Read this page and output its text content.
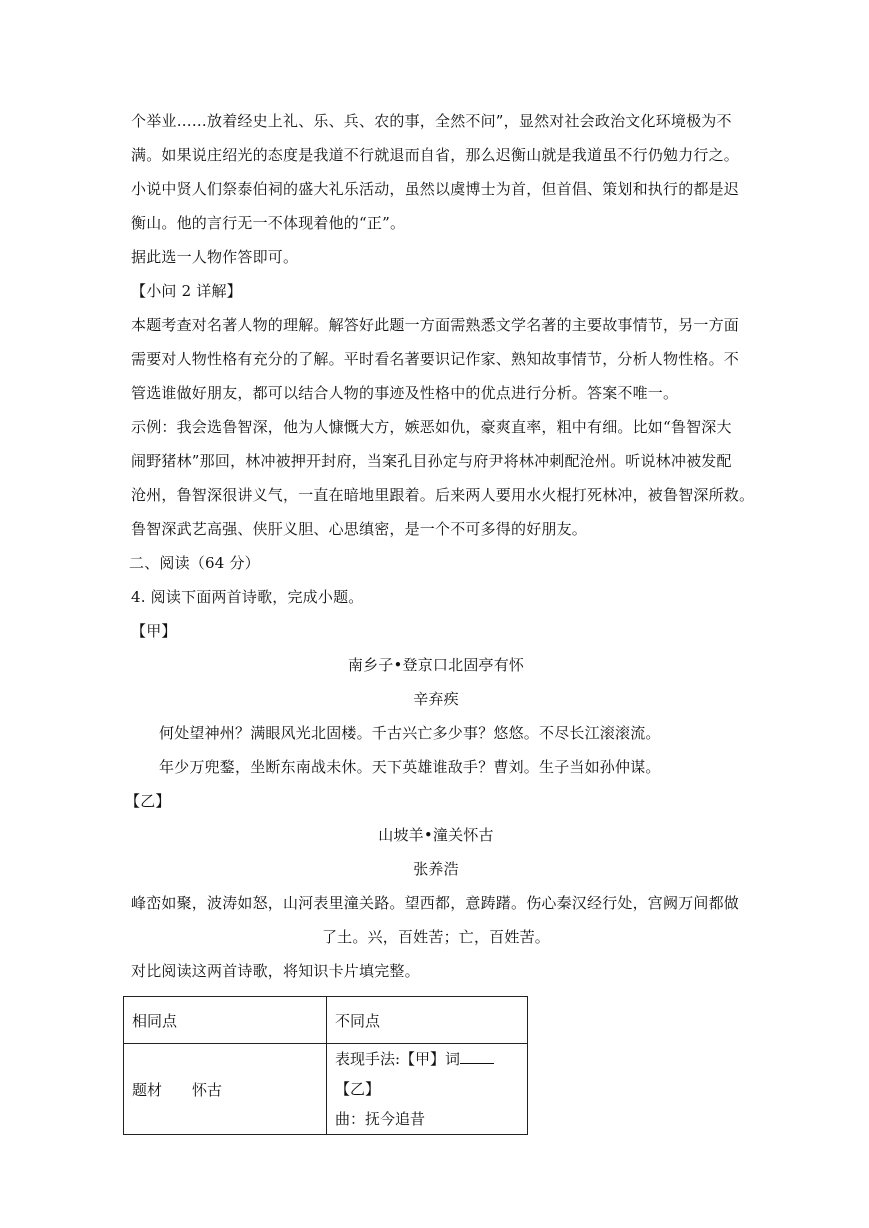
个举业……放着经史上礼、乐、兵、农的事，全然不问”，显然对社会政治文化环境极为不
满。如果说庄绍光的态度是我道不行就退而自省，那么迟衡山就是我道虽不行仍勉力行之。
小说中贤人们祭泰伯祠的盛大礼乐活动，虽然以虞博士为首，但首倡、策划和执行的都是迟
衡山。他的言行无一不体现着他的“正”。
据此选一人物作答即可。
【小问 2 详解】
本题考查对名著人物的理解。解答好此题一方面需熟悉文学名著的主要故事情节，另一方面
需要对人物性格有充分的了解。平时看名著要识记作家、熟知故事情节，分析人物性格。不
管选谁做好朋友，都可以结合人物的事迹及性格中的优点进行分析。答案不唯一。
示例：我会选鲁智深，他为人慷慨大方，嫉恶如仇，豪爽直率，粗中有细。比如“鲁智深大
闹野猪林”那回，林冲被押开封府，当案孔目孙定与府尹将林冲刺配沧州。听说林冲被发配
沧州，鲁智深很讲义气，一直在暗地里跟着。后来两人要用水火棍打死林冲，被鲁智深所救。
鲁智深武艺高强、侠肝义胆、心思缜密，是一个不可多得的好朋友。
二、阅读（64 分）
4. 阅读下面两首诗歌，完成小题。
【甲】
南乡子•登京口北固亭有怀
辛弃疾
何处望神州？满眼风光北固楼。千古兴亡多少事？悠悠。不尽长江滚滚流。
年少万兜鍪，坐断东南战未休。天下英雄谁敌手？曹刘。生子当如孙仲谋。
【乙】
山坡羊•潼关怀古
张养浩
峰峦如聚，波涛如怒，山河表里潼关路。望西都，意踌躇。伤心秦汉经行处，宫阙万间都做
了土。兴，百姓苦；亡，百姓苦。
对比阅读这两首诗歌，将知识卡片填完整。
相同点	不同点
题材 怀古	表现手法:【甲】词【乙】
曲：抚今追昔
